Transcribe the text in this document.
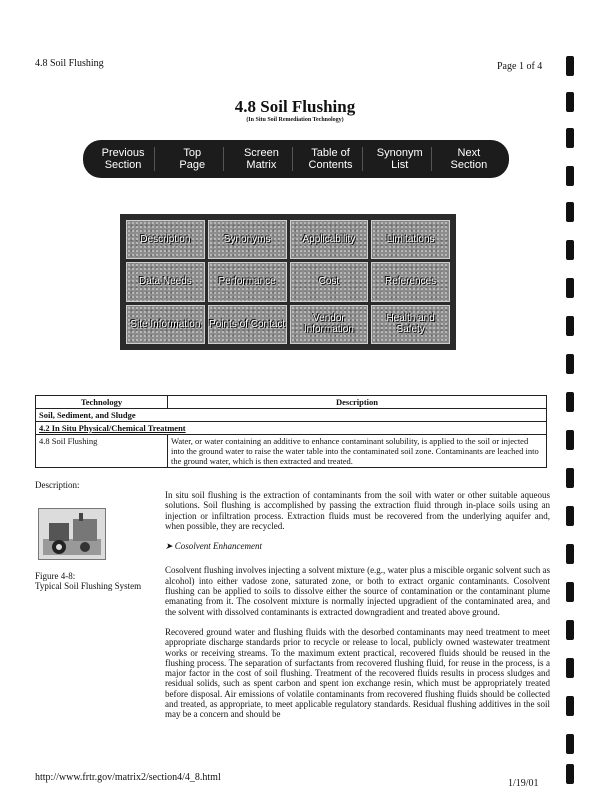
4.8 Soil Flushing	Page 1 of 4
4.8 Soil Flushing
(In Situ Soil Remediation Technology)
Previous
Section
Top
Page
Screen
Matrix
Table of
Contents
Synonym
List
Next
Section
Description	Synonyms	Applicability	Limitations
Data Needs	Performance	Cost	References
Site Information Points of Contact	Vendor Information
Health and Safety
Technology	Description
Soil, Sediment, and Sludge	
4.2 In Situ Physical/Chemical Treatment	
4.8 Soil Flushing	Water, or water containing an additive to enhance contaminant solubility, is applied to the soil or injected into the ground water to raise the water table into the contaminated soil zone. Contaminants are leached into the ground water, which is then extracted and treated.
Description:
Figure 4-8:
Typical Soil Flushing System

In situ soil flushing is the extraction of contaminants from the soil with water or other suitable aqueous solutions. Soil flushing is accomplished by passing the extraction fluid through in-place soils using an injection or infiltration process. Extraction fluids must be recovered from the underlying aquifer and, when possible, they are recycled.

➤ Cosolvent Enhancement

Cosolvent flushing involves injecting a solvent mixture (e.g., water plus a miscible organic solvent such as alcohol) into either vadose zone, saturated zone, or both to extract organic contaminants. Cosolvent flushing can be applied to soils to dissolve either the source of contamination or the contaminant plume emanating from it. The cosolvent mixture is normally injected upgradient of the contaminated area, and the solvent with dissolved contaminants is extracted downgradient and treated above ground.

Recovered ground water and flushing fluids with the desorbed contaminants may need treatment to meet appropriate discharge standards prior to recycle or release to local, publicly owned wastewater treatment works or receiving streams. To the maximum extent practical, recovered fluids should be reused in the flushing process. The separation of surfactants from recovered flushing fluid, for reuse in the process, is a major factor in the cost of soil flushing. Treatment of the recovered fluids results in process sludges and residual solids, such as spent carbon and spent ion exchange resin, which must be appropriately treated before disposal. Air emissions of volatile contaminants from recovered flushing fluids should be collected and treated, as appropriate, to meet applicable regulatory standards. Residual flushing additives in the soil may be a concern and should be

http://www.frtr.gov/matrix2/section4/4_8.html
1/19/01
